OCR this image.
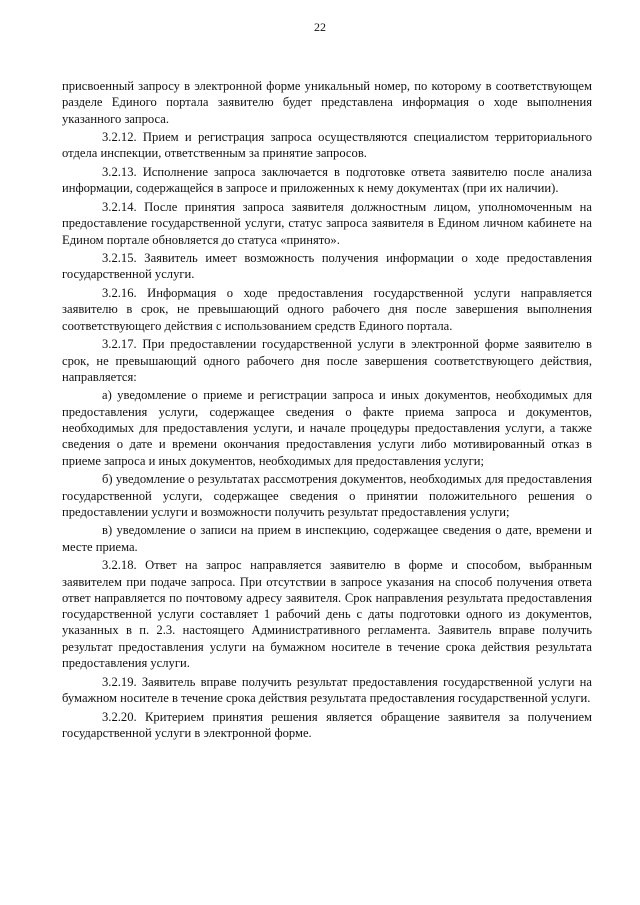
22

присвоенный запросу в электронной форме уникальный номер, по которому в соответствующем разделе Единого портала заявителю будет представлена информация о ходе выполнения указанного запроса.

3.2.12. Прием и регистрация запроса осуществляются специалистом территориального отдела инспекции, ответственным за принятие запросов.

3.2.13. Исполнение запроса заключается в подготовке ответа заявителю после анализа информации, содержащейся в запросе и приложенных к нему документах (при их наличии).

3.2.14. После принятия запроса заявителя должностным лицом, уполномоченным на предоставление государственной услуги, статус запроса заявителя в Едином личном кабинете на Едином портале обновляется до статуса «принято».

3.2.15. Заявитель имеет возможность получения информации о ходе предоставления государственной услуги.

3.2.16. Информация о ходе предоставления государственной услуги направляется заявителю в срок, не превышающий одного рабочего дня после завершения выполнения соответствующего действия с использованием средств Единого портала.

3.2.17. При предоставлении государственной услуги в электронной форме заявителю в срок, не превышающий одного рабочего дня после завершения соответствующего действия, направляется:

а) уведомление о приеме и регистрации запроса и иных документов, необходимых для предоставления услуги, содержащее сведения о факте приема запроса и документов, необходимых для предоставления услуги, и начале процедуры предоставления услуги, а также сведения о дате и времени окончания предоставления услуги либо мотивированный отказ в приеме запроса и иных документов, необходимых для предоставления услуги;

б) уведомление о результатах рассмотрения документов, необходимых для предоставления государственной услуги, содержащее сведения о принятии положительного решения о предоставлении услуги и возможности получить результат предоставления услуги;

в) уведомление о записи на прием в инспекцию, содержащее сведения о дате, времени и месте приема.

3.2.18. Ответ на запрос направляется заявителю в форме и способом, выбранным заявителем при подаче запроса. При отсутствии в запросе указания на способ получения ответа ответ направляется по почтовому адресу заявителя. Срок направления результата предоставления государственной услуги составляет 1 рабочий день с даты подготовки одного из документов, указанных в п. 2.3. настоящего Административного регламента. Заявитель вправе получить результат предоставления услуги на бумажном носителе в течение срока действия результата предоставления услуги.

3.2.19. Заявитель вправе получить результат предоставления государственной услуги на бумажном носителе в течение срока действия результата предоставления государственной услуги.

3.2.20. Критерием принятия решения является обращение заявителя за получением государственной услуги в электронной форме.
